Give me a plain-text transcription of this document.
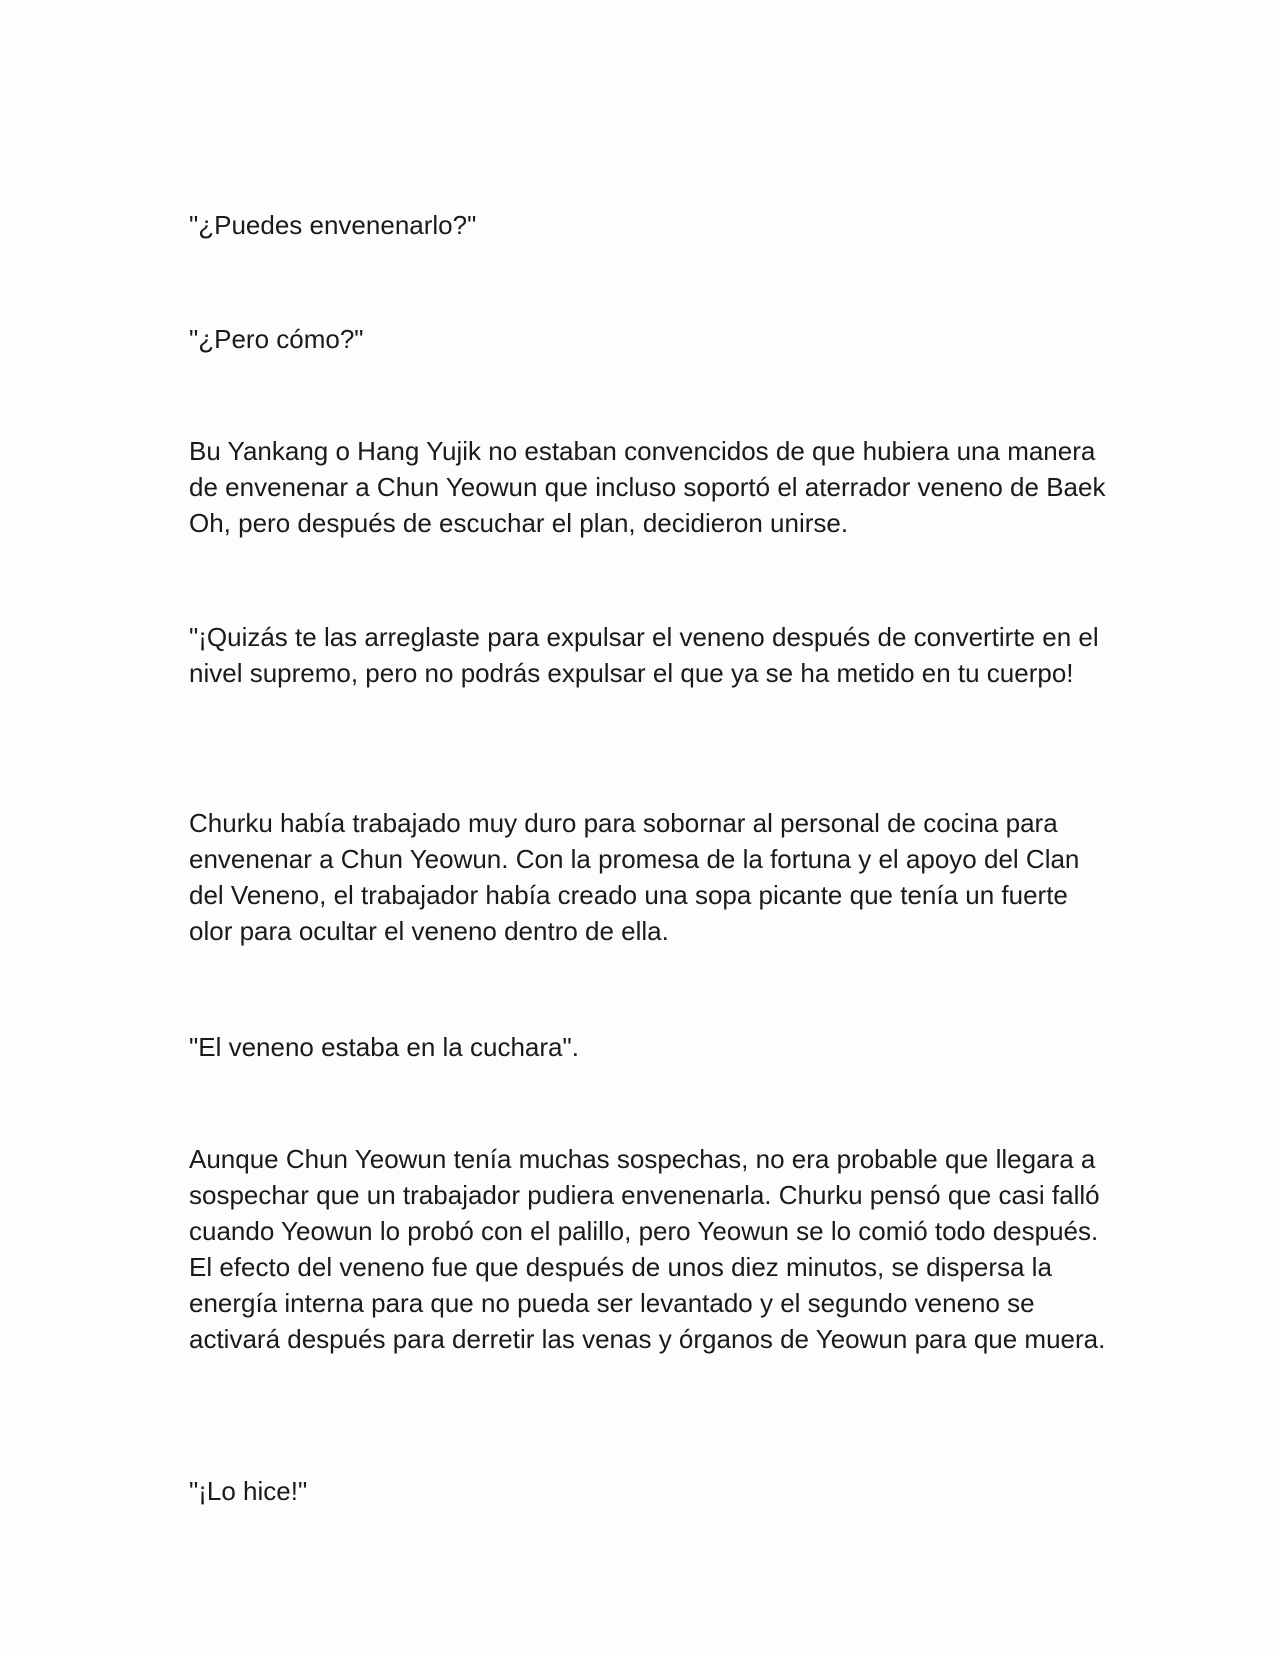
"¿Puedes envenenarlo?"

"¿Pero cómo?"

Bu Yankang o Hang Yujik no estaban convencidos de que hubiera una manera de envenenar a Chun Yeowun que incluso soportó el aterrador veneno de Baek Oh, pero después de escuchar el plan, decidieron unirse.

"¡Quizás te las arreglaste para expulsar el veneno después de convertirte en el nivel supremo, pero no podrás expulsar el que ya se ha metido en tu cuerpo!

Churku había trabajado muy duro para sobornar al personal de cocina para envenenar a Chun Yeowun. Con la promesa de la fortuna y el apoyo del Clan del Veneno, el trabajador había creado una sopa picante que tenía un fuerte olor para ocultar el veneno dentro de ella.

"El veneno estaba en la cuchara".

Aunque Chun Yeowun tenía muchas sospechas, no era probable que llegara a sospechar que un trabajador pudiera envenenarla. Churku pensó que casi falló cuando Yeowun lo probó con el palillo, pero Yeowun se lo comió todo después. El efecto del veneno fue que después de unos diez minutos, se dispersa la energía interna para que no pueda ser levantado y el segundo veneno se activará después para derretir las venas y órganos de Yeowun para que muera.

"¡Lo hice!"
